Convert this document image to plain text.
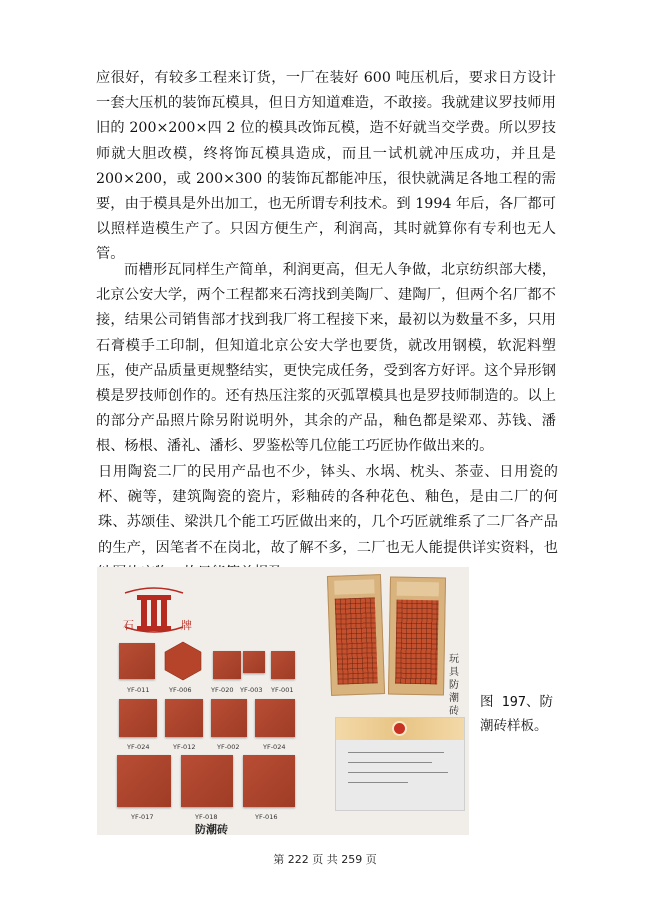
应很好，有较多工程来订货，一厂在装好 600 吨压机后，要求日方设计一套大压机的装饰瓦模具，但日方知道难造，不敢接。我就建议罗技师用旧的 200×200×四 2 位的模具改饰瓦模，造不好就当交学费。所以罗技师就大胆改模，终将饰瓦模具造成，而且一试机就冲压成功，并且是 200×200，或 200×300 的装饰瓦都能冲压，很快就满足各地工程的需要，由于模具是外出加工，也无所谓专利技术。到 1994 年后，各厂都可以照样造模生产了。只因方便生产，利润高，其时就算你有专利也无人管。

而槽形瓦同样生产简单，利润更高，但无人争做，北京纺织部大楼，北京公安大学，两个工程都来石湾找到美陶厂、建陶厂，但两个名厂都不接，结果公司销售部才找到我厂将工程接下来，最初以为数量不多，只用石膏模手工印制，但知道北京公安大学也要货，就改用钢模，软泥料塑压，使产品质量更规整结实，更快完成任务，受到客方好评。这个异形钢模是罗技师创作的。还有热压注浆的灭弧罩模具也是罗技师制造的。以上的部分产品照片除另附说明外，其余的产品，釉色都是梁邓、苏钱、潘根、杨根、潘礼、潘杉、罗鉴松等几位能工巧匠协作做出来的。

日用陶瓷二厂的民用产品也不少，钵头、水埚、枕头、茶壶、日用瓷的杯、碗等，建筑陶瓷的瓷片，彩釉砖的各种花色、釉色，是由二厂的何珠、苏颂佳、梁洪几个能工巧匠做出来的，几个巧匠就维系了二厂各产品的生产，因笔者不在岗北，故了解不多，二厂也无人能提供详实资料，也

石	牌
YF-011	YF-006	YF-020 YF-003 YF-001
YF-024	YF-012	YF-002	YF-024
YF-017	YF-018	YF-016
玩具防潮砖
防潮砖
图 197、防潮砖样板。
第 222 页 共 259 页
